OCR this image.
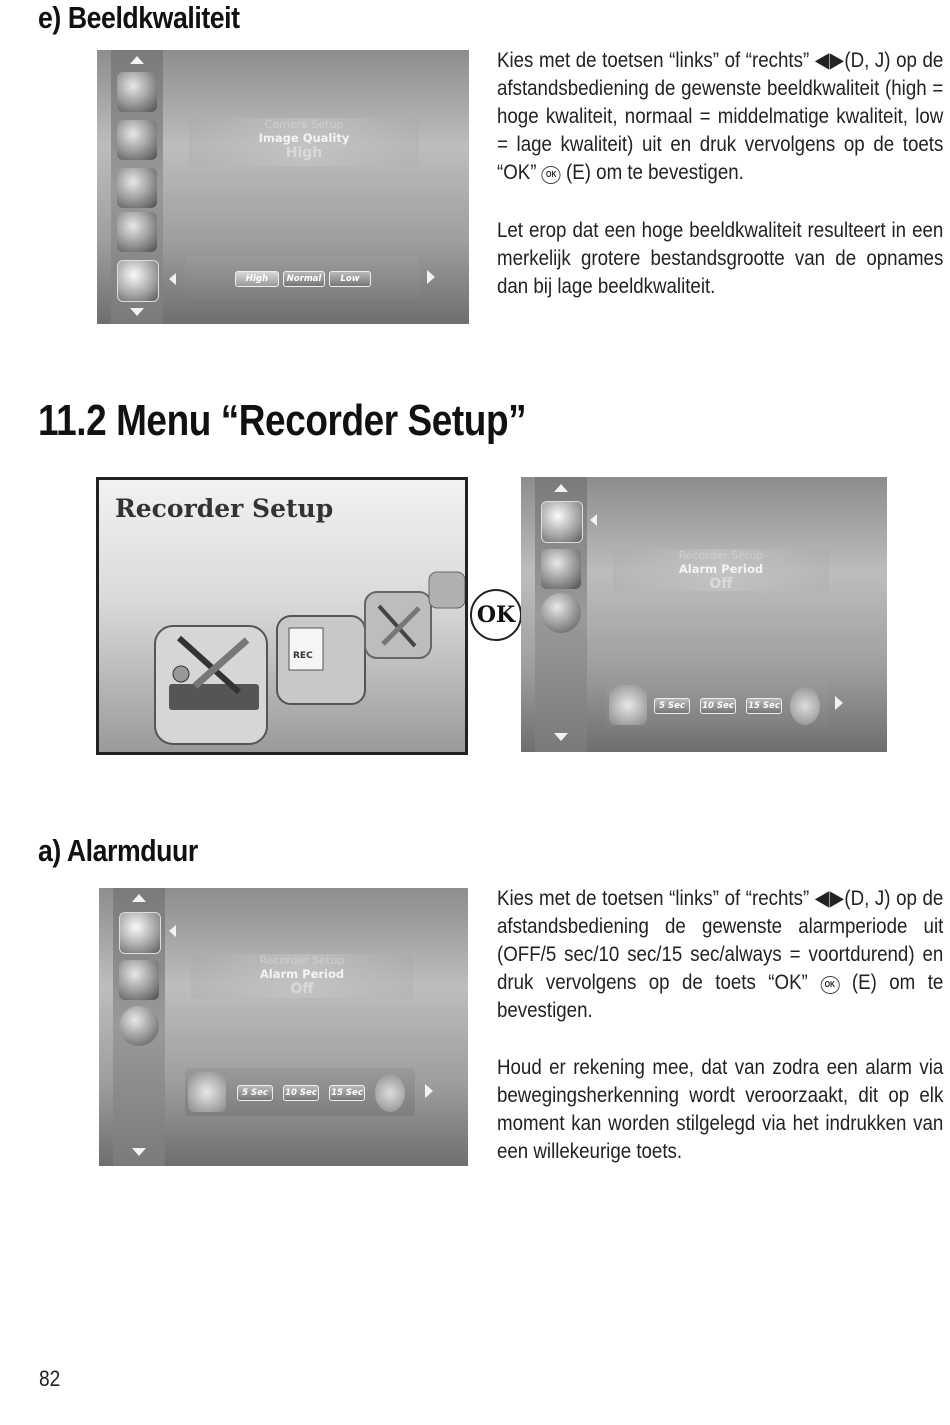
e) Beeldkwaliteit
Camera Setup
Image Quality
High
High	Normal	Low
Kies met de toetsen “links” of “rechts” ◀▶(D, J) op de afstandsbediening de gewenste beeldkwaliteit (high = hoge kwaliteit, normaal = middelmatige kwaliteit, low = lage kwaliteit) uit en druk vervolgens op de toets “OK” OK (E) om te bevestigen.
Let erop dat een hoge beeldkwaliteit resulteert in een merkelijk grotere bestandsgrootte van de opnames dan bij lage beeldkwaliteit.
11.2 Menu “Recorder Setup”
Recorder Setup
REC
OK
Recorder Setup
Alarm Period
Off
5 Sec	10 Sec 15 Sec
a) Alarmduur
Recorder Setup
Alarm Period
Off
5 Sec	10 Sec 15 Sec
Kies met de toetsen “links” of “rechts” ◀▶(D, J) op de afstandsbediening de gewenste alarmperiode uit (OFF/5 sec/10 sec/15 sec/always = voortdurend) en druk vervolgens op de toets “OK” OK (E) om te bevestigen.
Houd er rekening mee, dat van zodra een alarm via bewegingsherkenning wordt veroorzaakt, dit op elk moment kan worden stilgelegd via het indrukken van een willekeurige toets.
82
